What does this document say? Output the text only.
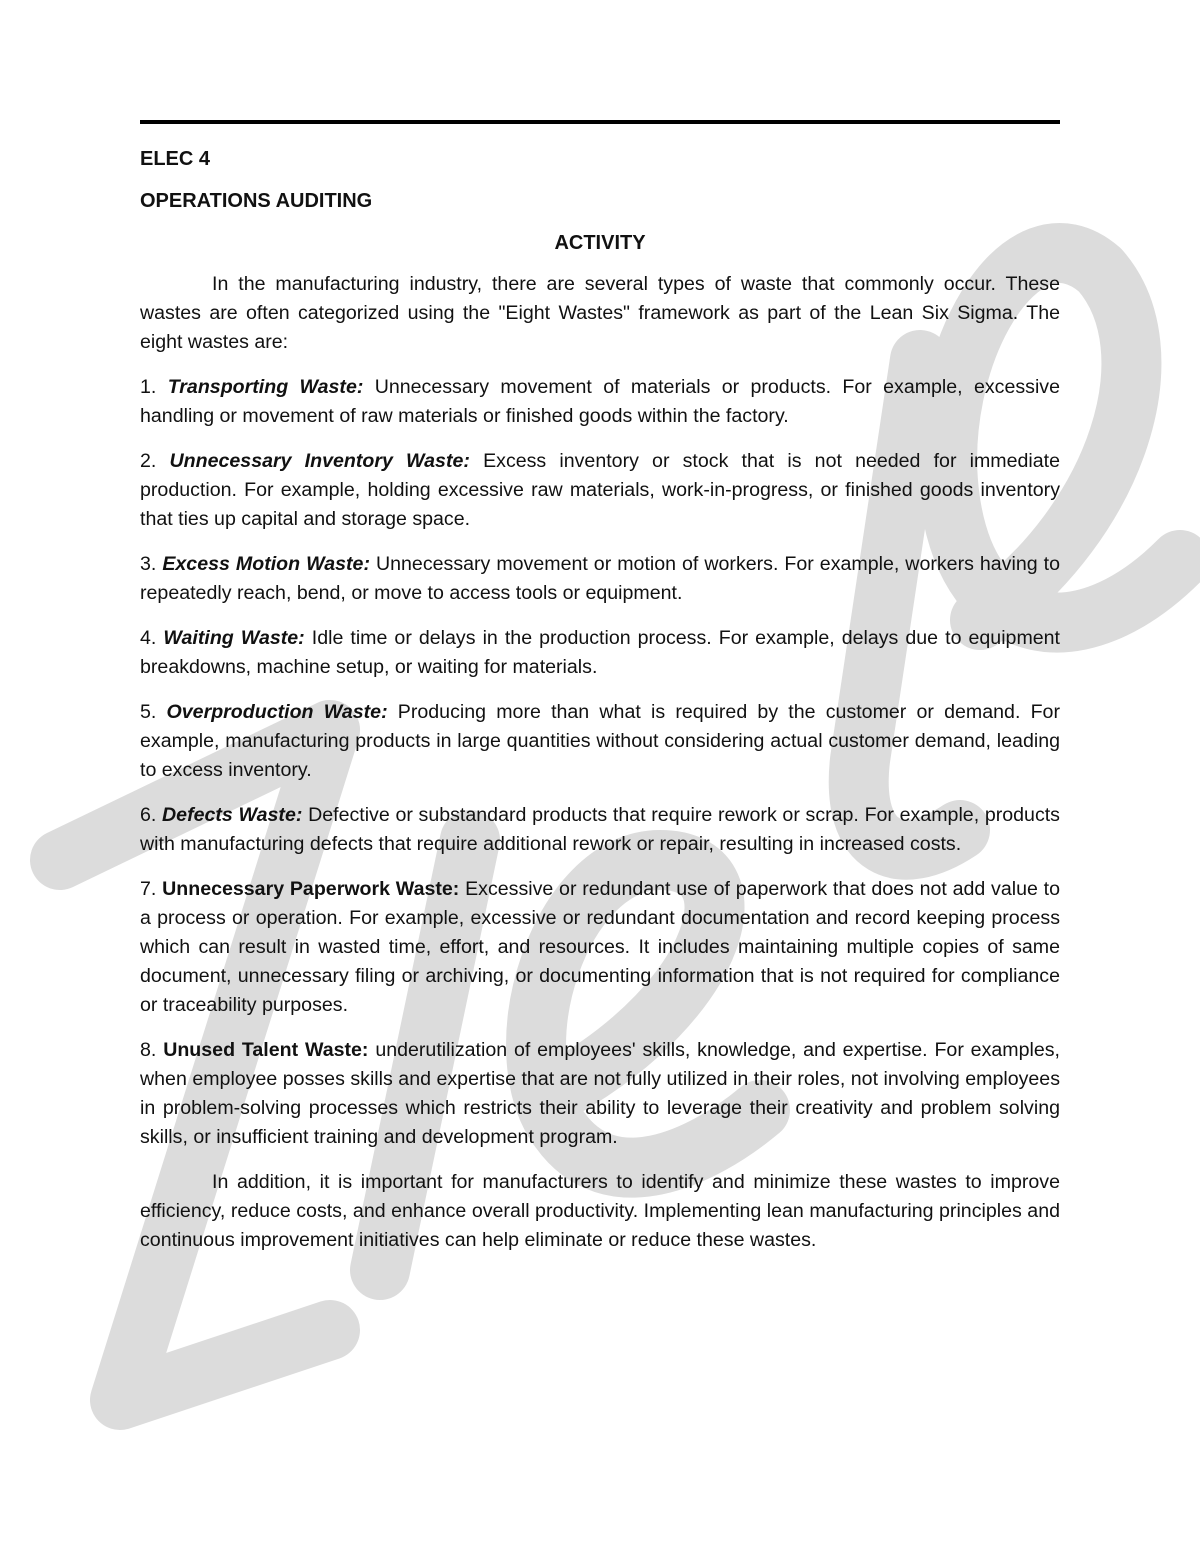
ELEC 4
OPERATIONS AUDITING
ACTIVITY

In the manufacturing industry, there are several types of waste that commonly occur. These wastes are often categorized using the "Eight Wastes" framework as part of the Lean Six Sigma. The eight wastes are:

1. Transporting Waste: Unnecessary movement of materials or products. For example, excessive handling or movement of raw materials or finished goods within the factory.

2. Unnecessary Inventory Waste: Excess inventory or stock that is not needed for immediate production. For example, holding excessive raw materials, work-in-progress, or finished goods inventory that ties up capital and storage space.

3. Excess Motion Waste: Unnecessary movement or motion of workers. For example, workers having to repeatedly reach, bend, or move to access tools or equipment.

4. Waiting Waste: Idle time or delays in the production process. For example, delays due to equipment breakdowns, machine setup, or waiting for materials.

5. Overproduction Waste: Producing more than what is required by the customer or demand. For example, manufacturing products in large quantities without considering actual customer demand, leading to excess inventory.

6. Defects Waste: Defective or substandard products that require rework or scrap. For example, products with manufacturing defects that require additional rework or repair, resulting in increased costs.

7. Unnecessary Paperwork Waste: Excessive or redundant use of paperwork that does not add value to a process or operation. For example, excessive or redundant documentation and record keeping process which can result in wasted time, effort, and resources. It includes maintaining multiple copies of same document, unnecessary filing or archiving, or documenting information that is not required for compliance or traceability purposes.

8. Unused Talent Waste: underutilization of employees' skills, knowledge, and expertise. For examples, when employee posses skills and expertise that are not fully utilized in their roles, not involving employees in problem-solving processes which restricts their ability to leverage their creativity and problem solving skills, or insufficient training and development program.

In addition, it is important for manufacturers to identify and minimize these wastes to improve efficiency, reduce costs, and enhance overall productivity. Implementing lean manufacturing principles and continuous improvement initiatives can help eliminate or reduce these wastes.
